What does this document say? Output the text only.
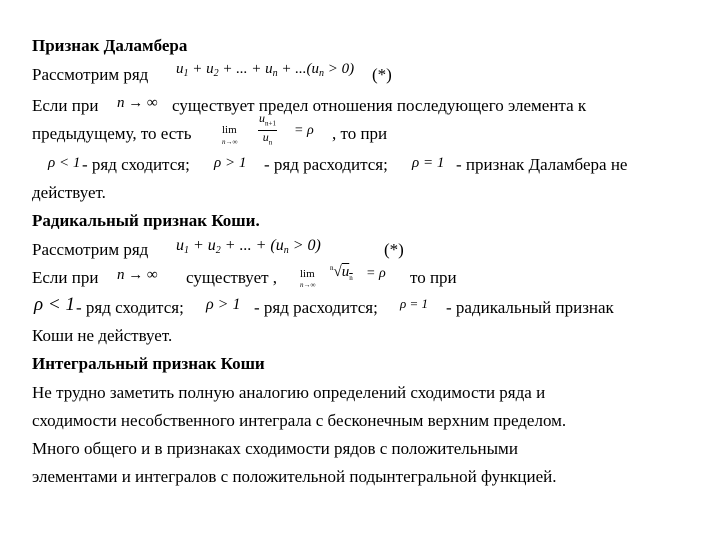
Признак Даламбера
Рассмотрим ряд $u_1 + u_2$ + ... + $u_n + ...(u_n > 0)$ (*)
Если при n → ∞ существует предел отношения последующего элемента к
предыдущему, то есть	lim
$n\to\infty \frac{u_{n+1}}{u_n} = \rho$ , то при
ρ < 1 - ряд сходится; ρ > 1 - ряд расходится; ρ = 1 - признак Даламбера не
действует.
Радикальный признак Коши.
Рассмотрим ряд $u_1 + u_2$ + ... + $(u_n > 0)$	(*)
Если при n → ∞ существует , lim
n→∞
$^n√u_n = \rho$ то при
ρ < 1 - ряд сходится; ρ > 1 - ряд расходится; ρ = 1 - радикальный признак
Коши не действует.
Интегральный признак Коши
Не трудно заметить полную аналогию определений сходимости ряда и
сходимости несобственного интеграла с бесконечным верхним пределом.
Много общего и в признаках сходимости рядов с положительными
элементами и интегралов с положительной подынтегральной функцией.
